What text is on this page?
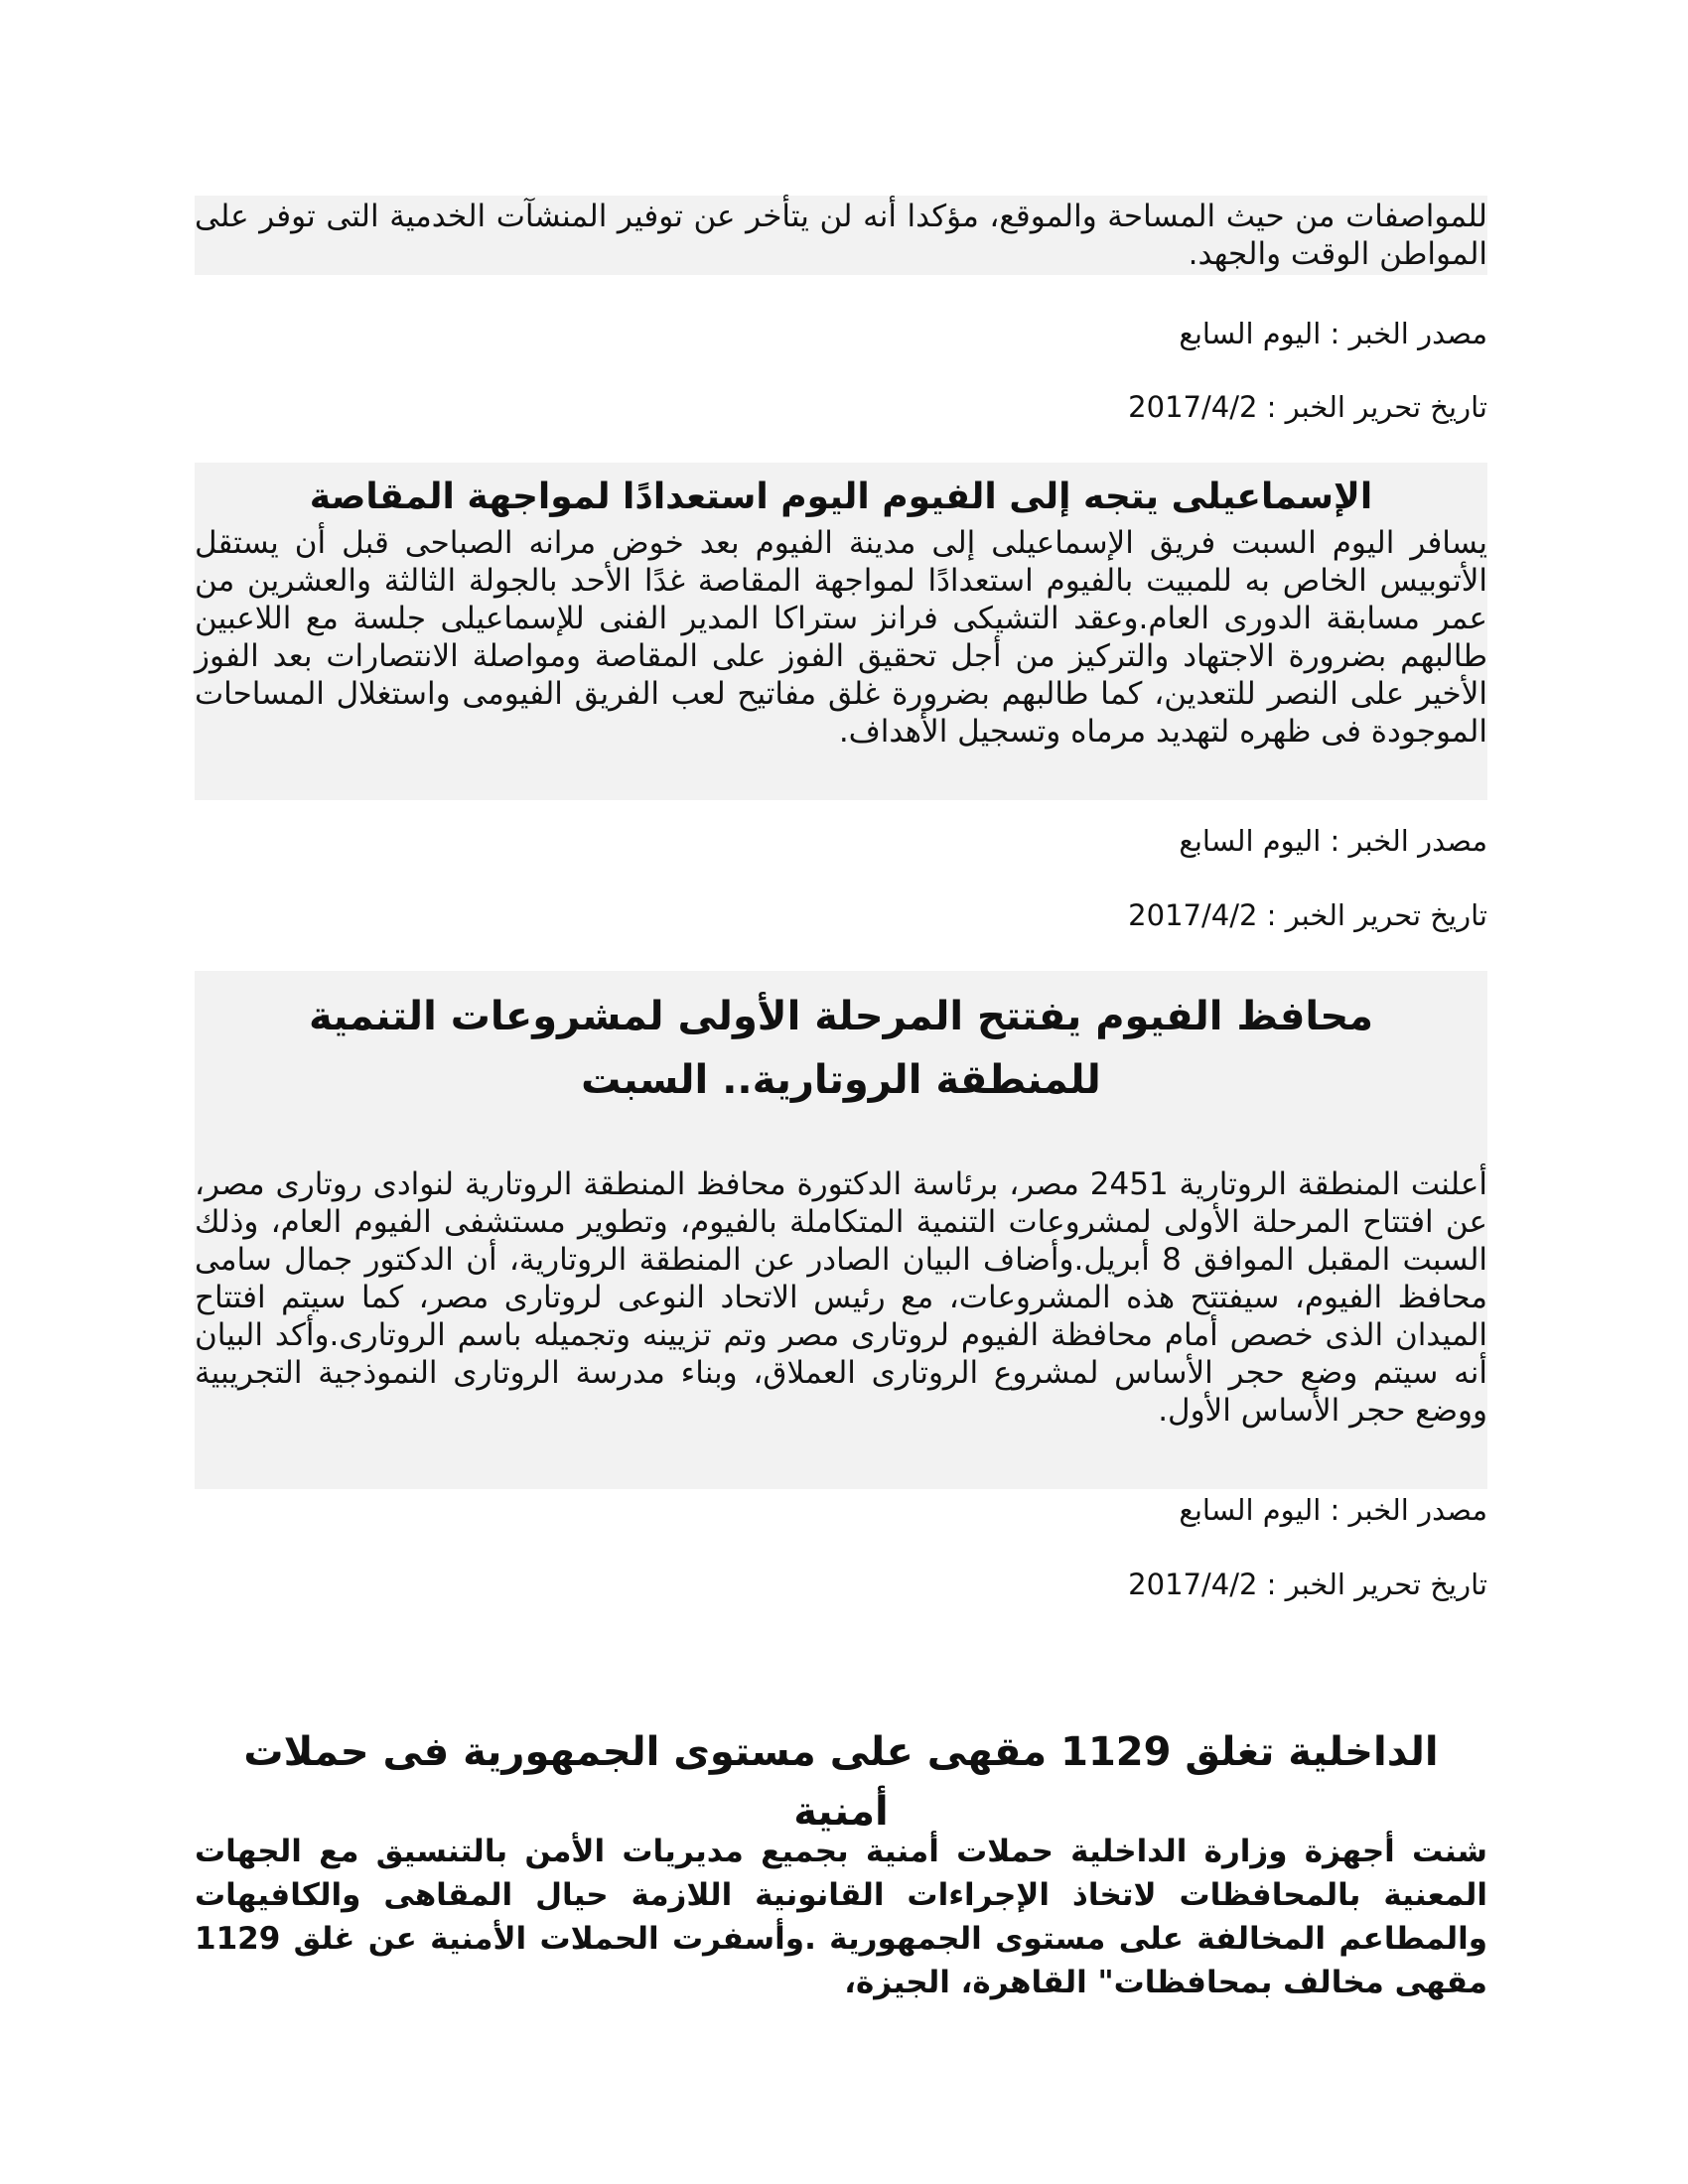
للمواصفات من حيث المساحة والموقع، مؤكدا أنه لن يتأخر عن توفير المنشآت الخدمية التى توفر على المواطن الوقت والجهد.
مصدر الخبر : اليوم السابع
تاريخ تحرير الخبر : 2017/4/2
الإسماعيلى يتجه إلى الفيوم اليوم استعدادًا لمواجهة المقاصة
يسافر اليوم السبت فريق الإسماعيلى إلى مدينة الفيوم بعد خوض مرانه الصباحى قبل أن يستقل الأتوبيس الخاص به للمبيت بالفيوم استعدادًا لمواجهة المقاصة غدًا الأحد بالجولة الثالثة والعشرين من عمر مسابقة الدورى العام.وعقد التشيكى فرانز ستراكا المدير الفنى للإسماعيلى جلسة مع اللاعبين طالبهم بضرورة الاجتهاد والتركيز من أجل تحقيق الفوز على المقاصة ومواصلة الانتصارات بعد الفوز الأخير على النصر للتعدين، كما طالبهم بضرورة غلق مفاتيح لعب الفريق الفيومى واستغلال المساحات الموجودة فى ظهره لتهديد مرماه وتسجيل الأهداف.
مصدر الخبر : اليوم السابع
تاريخ تحرير الخبر : 2017/4/2
محافظ الفيوم يفتتح المرحلة الأولى لمشروعات التنمية للمنطقة الروتارية.. السبت
أعلنت المنطقة الروتارية 2451 مصر، برئاسة الدكتورة محافظ المنطقة الروتارية لنوادى روتارى مصر، عن افتتاح المرحلة الأولى لمشروعات التنمية المتكاملة بالفيوم، وتطوير مستشفى الفيوم العام، وذلك السبت المقبل الموافق 8 أبريل.وأضاف البيان الصادر عن المنطقة الروتارية، أن الدكتور جمال سامى محافظ الفيوم، سيفتتح هذه المشروعات، مع رئيس الاتحاد النوعى لروتارى مصر، كما سيتم افتتاح الميدان الذى خصص أمام محافظة الفيوم لروتارى مصر وتم تزيينه وتجميله باسم الروتارى.وأكد البيان أنه سيتم وضع حجر الأساس لمشروع الروتارى العملاق، وبناء مدرسة الروتارى النموذجية التجريبية ووضع حجر الأساس الأول.
مصدر الخبر : اليوم السابع
تاريخ تحرير الخبر : 2017/4/2
الداخلية تغلق 1129 مقهى على مستوى الجمهورية فى حملات أمنية
شنت أجهزة وزارة الداخلية حملات أمنية بجميع مديريات الأمن بالتنسيق مع الجهات المعنية بالمحافظات لاتخاذ الإجراءات القانونية اللازمة حيال المقاهى والكافيهات والمطاعم المخالفة على مستوى الجمهورية .وأسفرت الحملات الأمنية عن غلق 1129 مقهى مخالف بمحافظات" القاهرة، الجيزة،
